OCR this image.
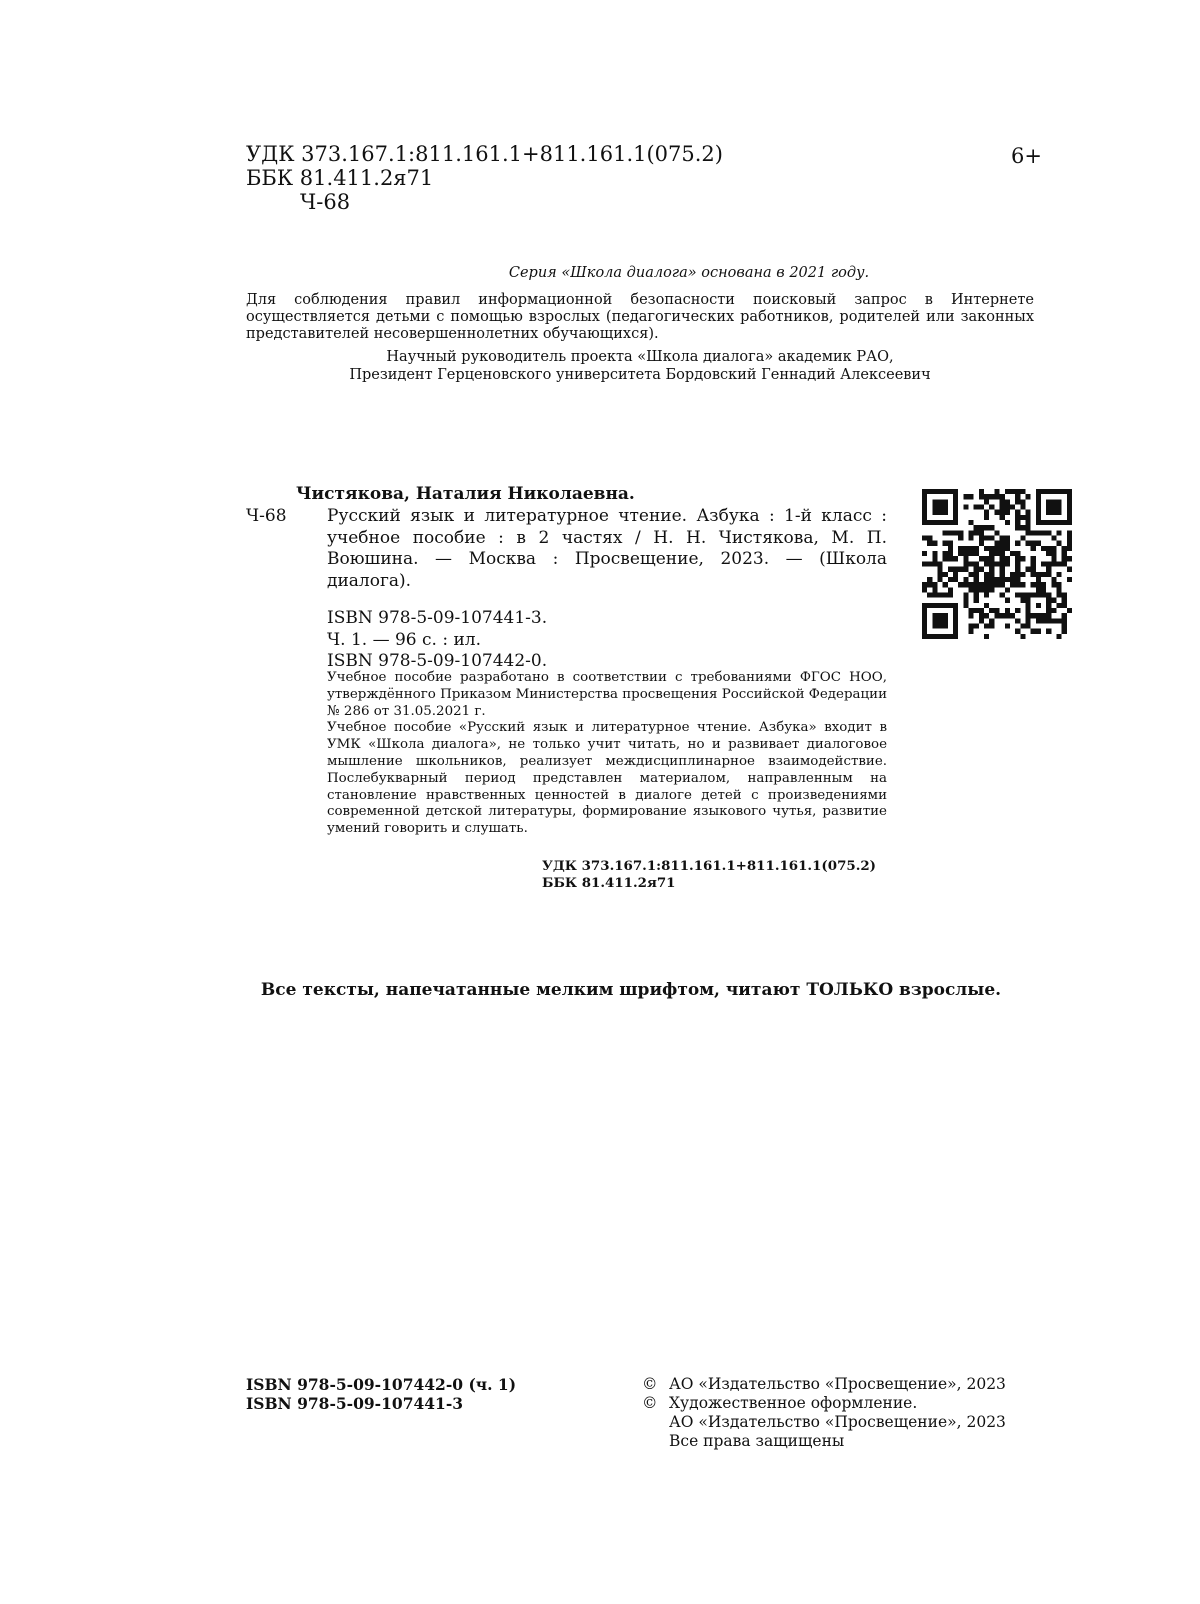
УДК 373.167.1:811.161.1+811.161.1(075.2)
ББК 81.411.2я71
Ч-68
6+
Серия «Школа диалога» основана в 2021 году.
Для соблюдения правил информационной безопасности поисковый запрос в Интернете осуществляется детьми с помощью взрослых (педагогических работников, родителей или законных представителей несовершеннолетних обучающихся).
Научный руководитель проекта «Школа диалога» академик РАО,
Президент Герценовского университета Бордовский Геннадий Алексеевич
Чистякова, Наталия Николаевна.
Ч-68 Русский язык и литературное чтение. Азбука : 1-й класс : учебное пособие : в 2 частях / Н. Н. Чистякова, М. П. Воюшина. — Москва : Просвещение, 2023. — (Школа диалога).
ISBN 978-5-09-107441-3.
Ч. 1. — 96 с. : ил.
ISBN 978-5-09-107442-0.
Учебное пособие разработано в соответствии с требованиями ФГОС НОО, утверждённого Приказом Министерства просвещения Российской Федерации № 286 от 31.05.2021 г.
Учебное пособие «Русский язык и литературное чтение. Азбука» входит в УМК «Школа диалога», не только учит читать, но и развивает диалоговое мышление школьников, реализует междисциплинарное взаимодействие. Послебукварный период представлен материалом, направленным на становление нравственных ценностей в диалоге детей с произведениями современной детской литературы, формирование языкового чутья, развитие умений говорить и слушать.
УДК 373.167.1:811.161.1+811.161.1(075.2)
ББК 81.411.2я71
Все тексты, напечатанные мелким шрифтом, читают ТОЛЬКО взрослые.
ISBN 978-5-09-107442-0 (ч. 1)
ISBN 978-5-09-107441-3
© АО «Издательство «Просвещение», 2023
© Художественное оформление.
АО «Издательство «Просвещение», 2023
Все права защищены
